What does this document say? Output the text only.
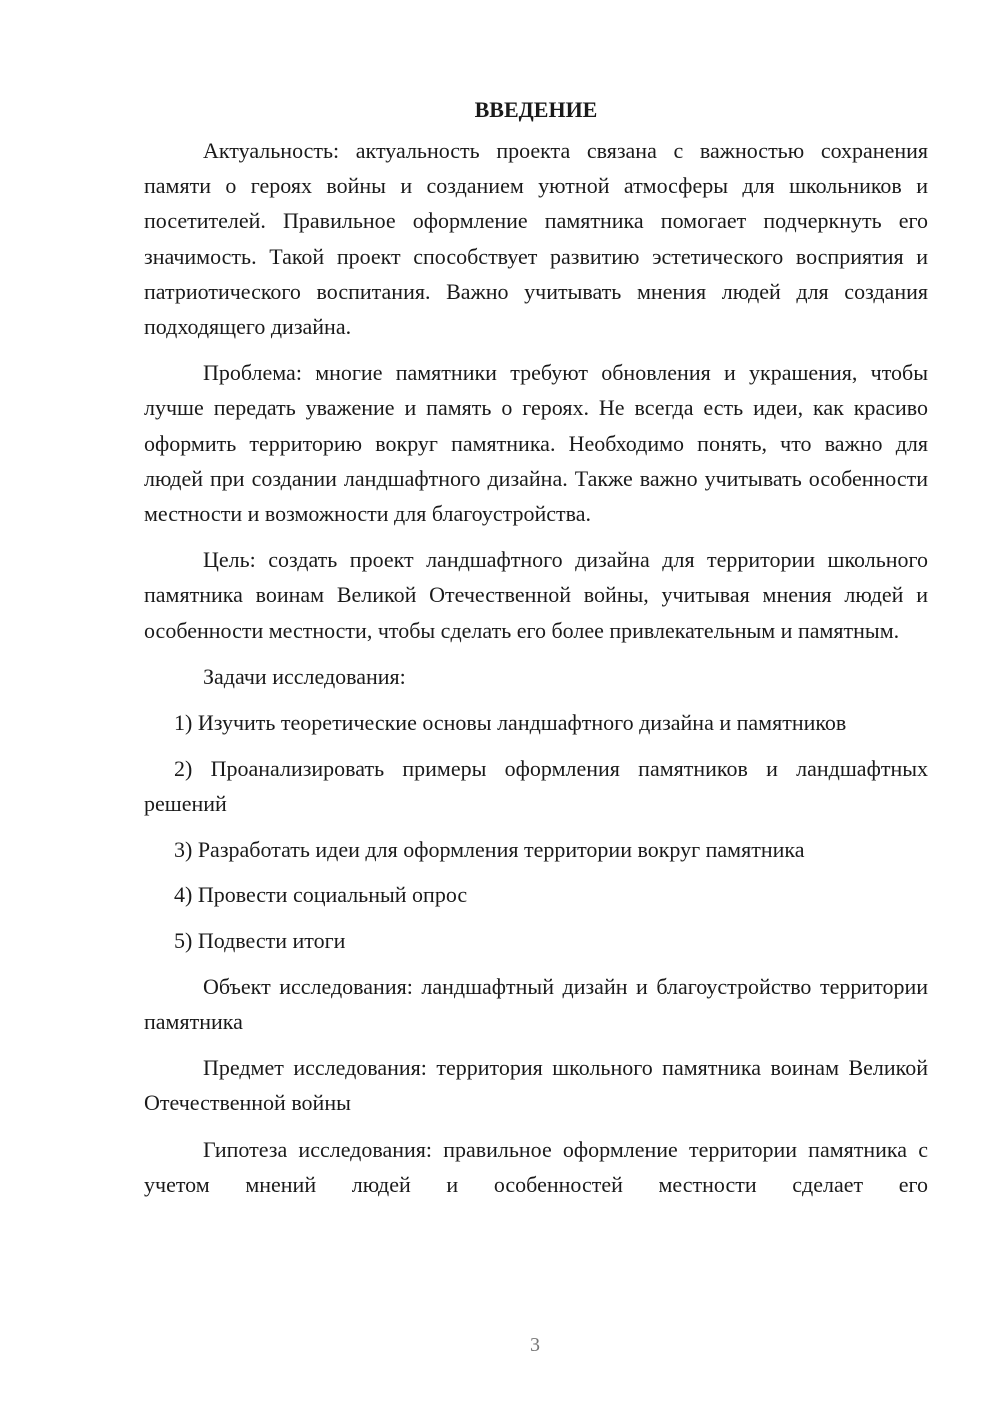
ВВЕДЕНИЕ

Актуальность: актуальность проекта связана с важностью сохранения памяти о героях войны и созданием уютной атмосферы для школьников и посетителей. Правильное оформление памятника помогает подчеркнуть его значимость. Такой проект способствует развитию эстетического восприятия и патриотического воспитания. Важно учитывать мнения людей для создания подходящего дизайна.

Проблема: многие памятники требуют обновления и украшения, чтобы лучше передать уважение и память о героях. Не всегда есть идеи, как красиво оформить территорию вокруг памятника. Необходимо понять, что важно для людей при создании ландшафтного дизайна. Также важно учитывать особенности местности и возможности для благоустройства.

Цель: создать проект ландшафтного дизайна для территории школьного памятника воинам Великой Отечественной войны, учитывая мнения людей и особенности местности, чтобы сделать его более привлекательным и памятным.

Задачи исследования:

1) Изучить теоретические основы ландшафтного дизайна и памятников

2) Проанализировать примеры оформления памятников и ландшафтных решений

3) Разработать идеи для оформления территории вокруг памятника

4) Провести социальный опрос

5) Подвести итоги

Объект исследования: ландшафтный дизайн и благоустройство территории памятника

Предмет исследования: территория школьного памятника воинам Великой Отечественной войны

Гипотеза исследования: правильное оформление территории памятника с учетом мнений людей и особенностей местности сделает его

3
